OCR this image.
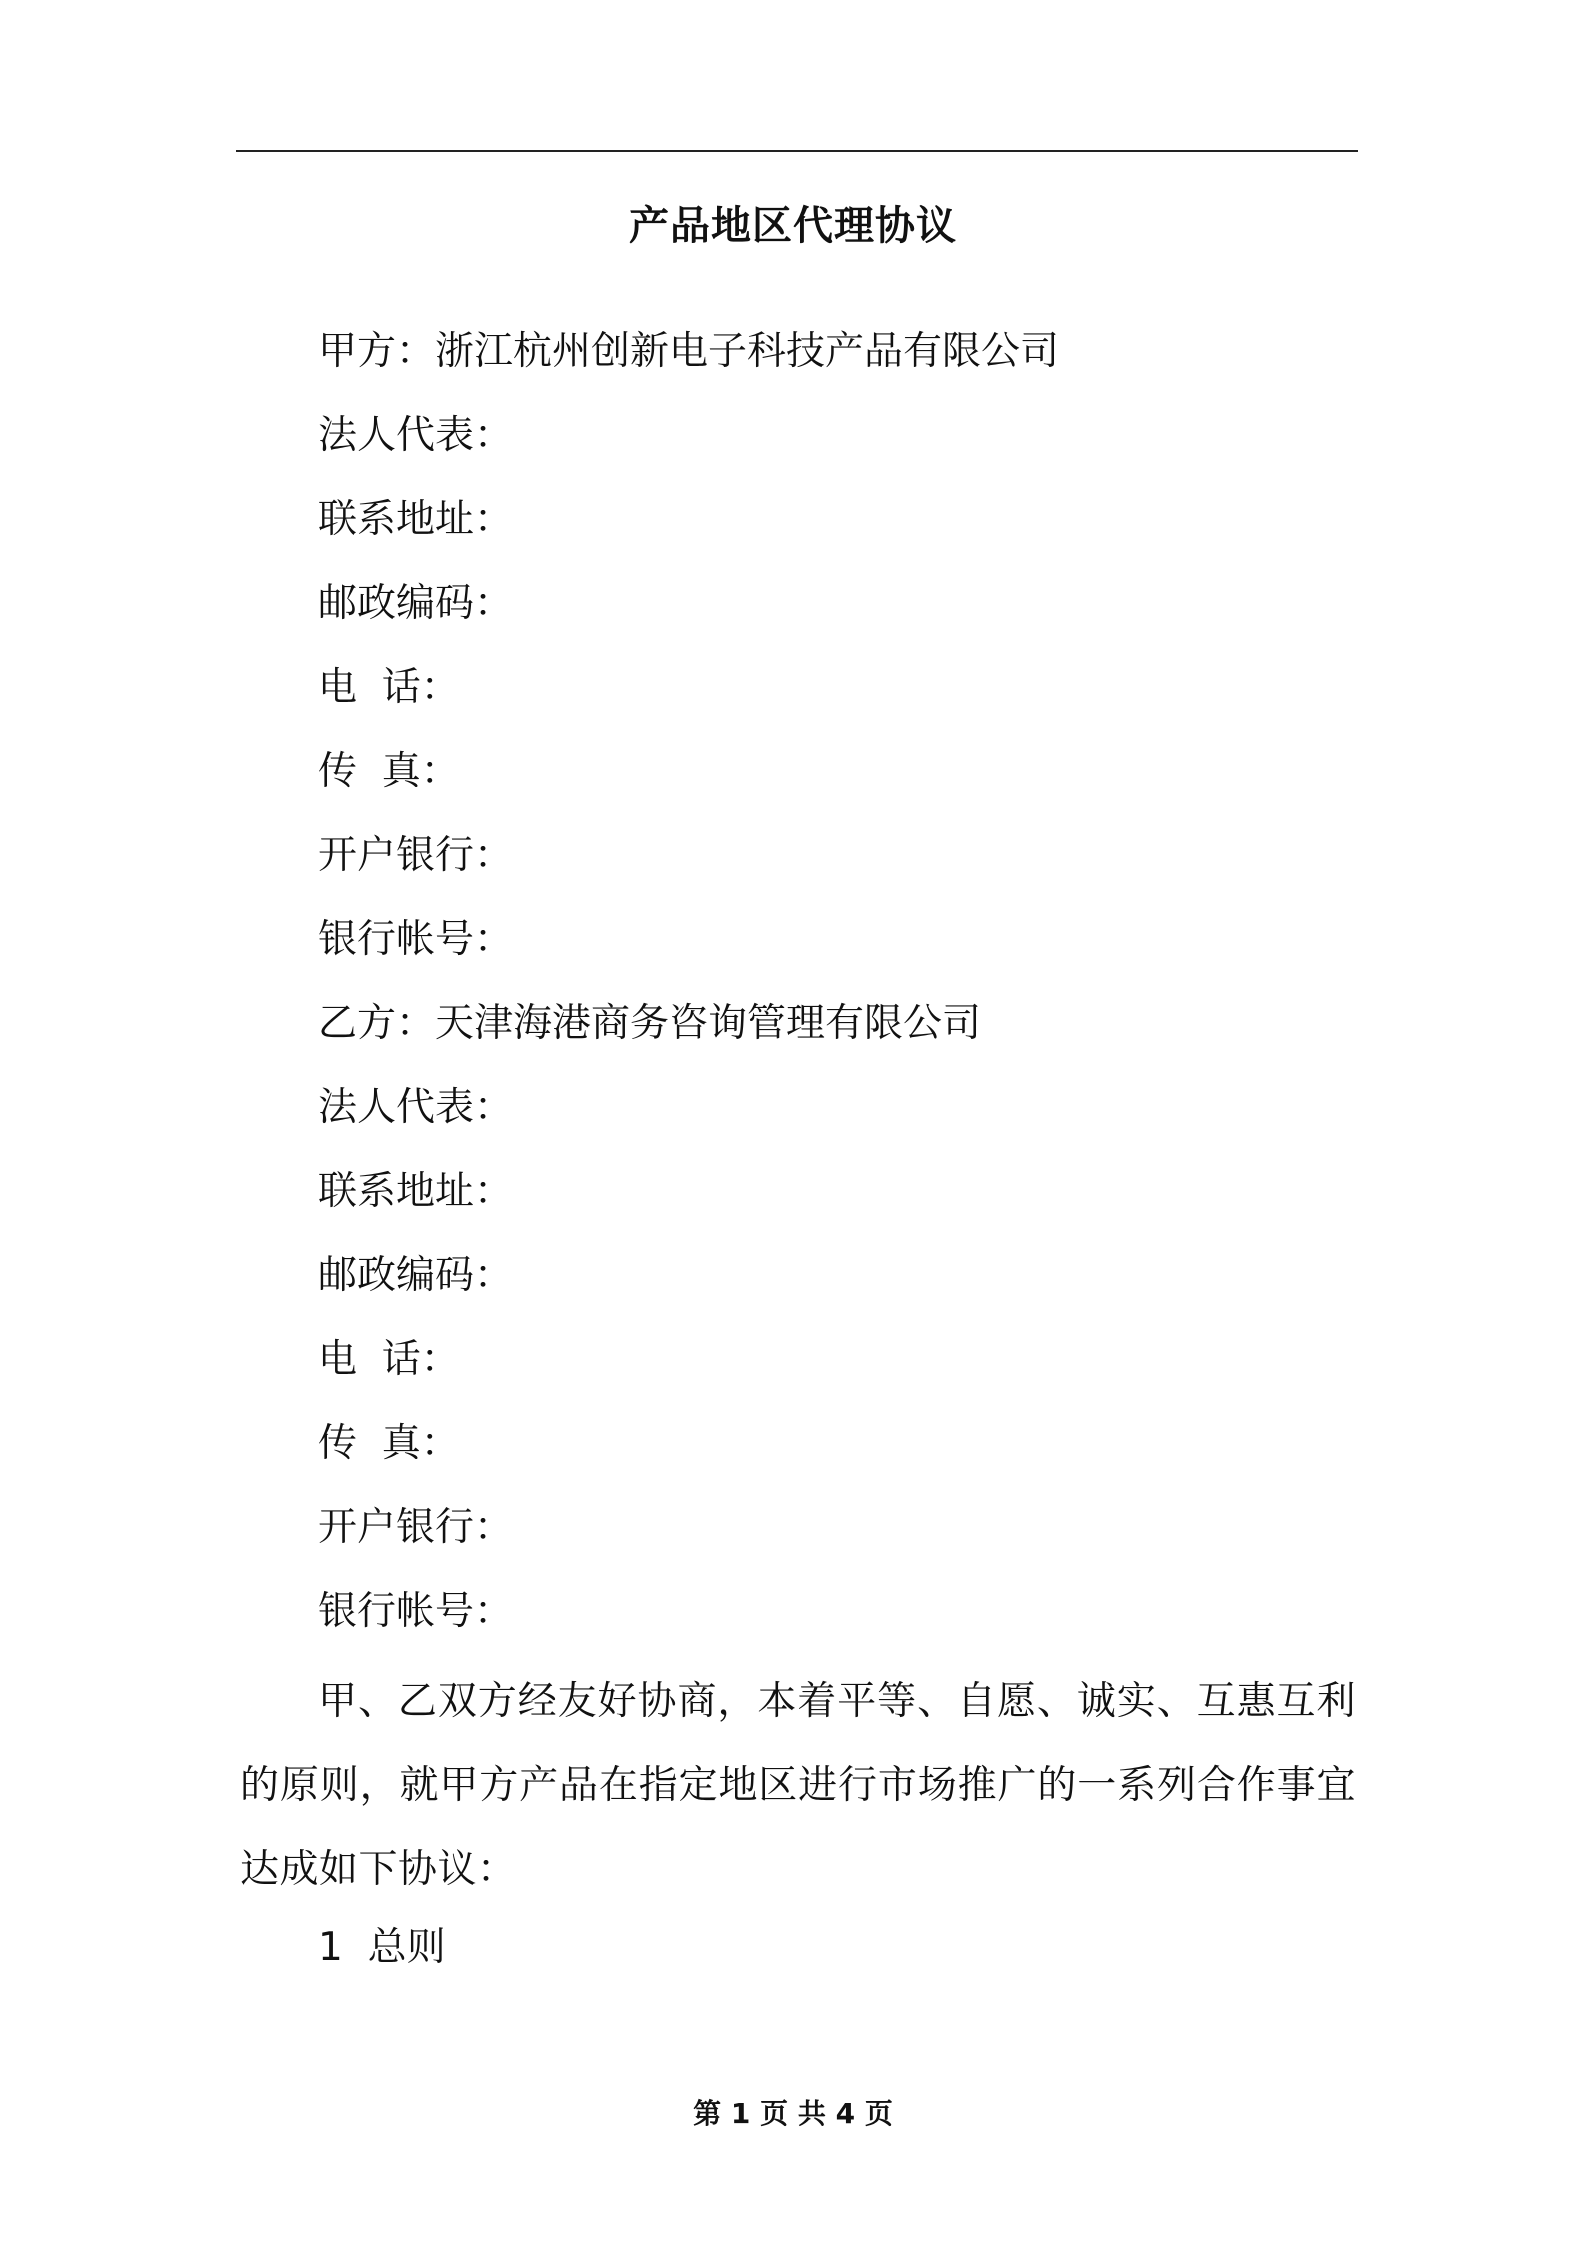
产品地区代理协议
甲方：浙江杭州创新电子科技产品有限公司
法人代表：
联系地址：
邮政编码：
电  话：
传  真：
开户银行：
银行帐号：
乙方：天津海港商务咨询管理有限公司
法人代表：
联系地址：
邮政编码：
电  话：
传  真：
开户银行：
银行帐号：
甲、乙双方经友好协商，本着平等、自愿、诚实、互惠互利的原则，就甲方产品在指定地区进行市场推广的一系列合作事宜达成如下协议：
1  总则
第 1 页 共 4 页
